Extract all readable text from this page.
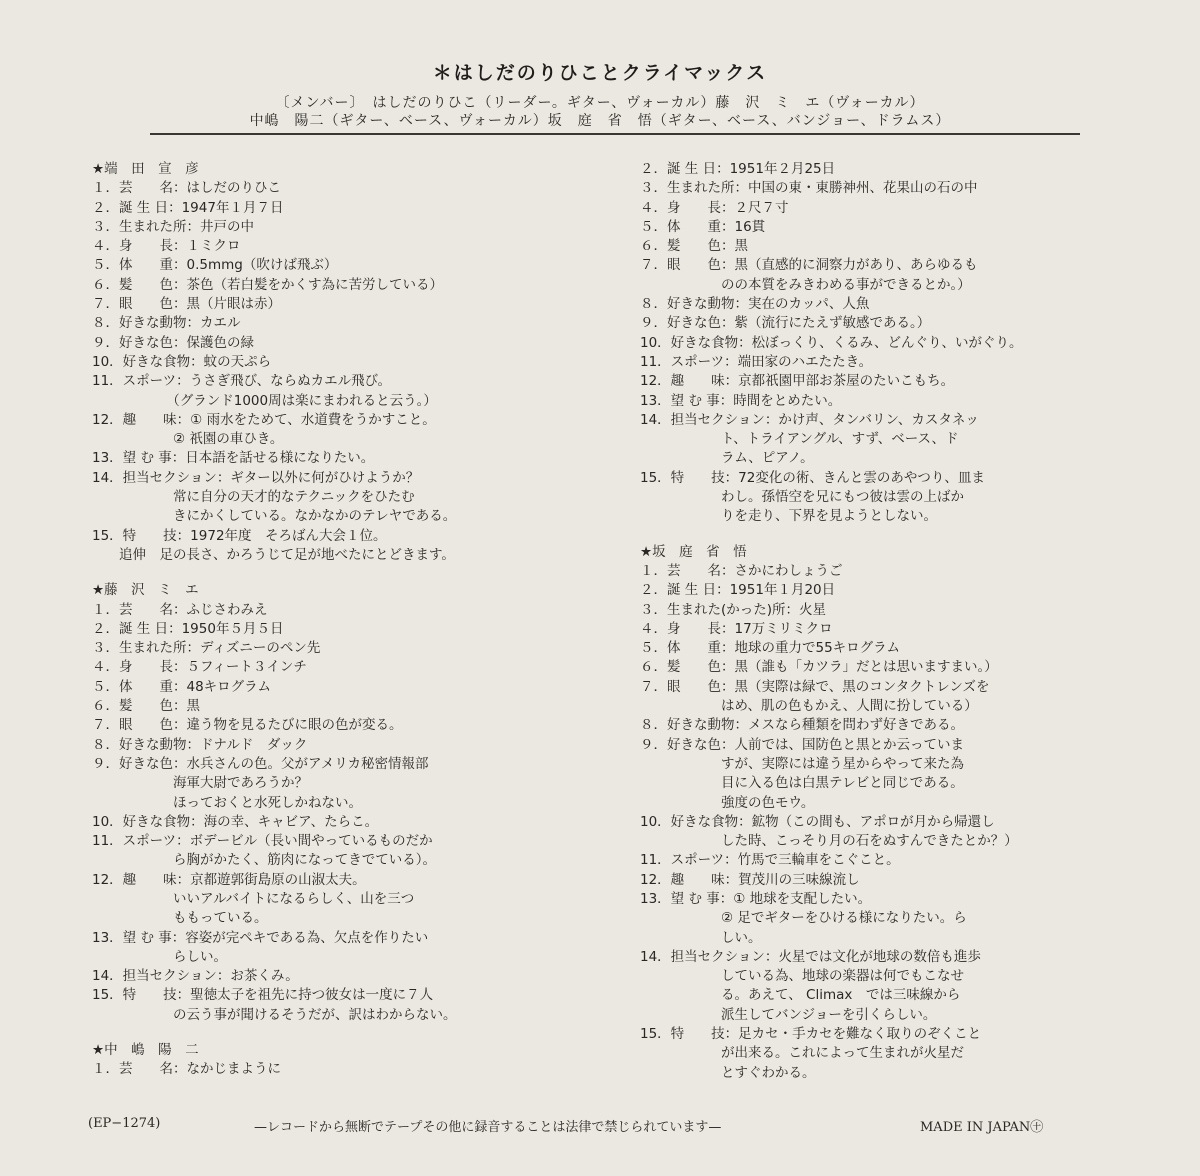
＊はしだのりひことクライマックス
〔メンバー〕　はしだのりひこ（リーダー。ギター、ヴォーカル）藤　沢　ミ　エ（ヴォーカル）
中嶋　陽二（ギター、ベース、ヴォーカル）坂　庭　省　悟（ギター、ベース、バンジョー、ドラムス）
★端　田　宣　彦
１．芸　　名：はしだのりひこ
２．誕 生 日：1947年１月７日
３．生まれた所：井戸の中
４．身　　長：１ミクロ
５．体　　重：0.5mmg（吹けば飛ぶ）
６．髪　　色：茶色（若白髪をかくす為に苦労している）
７．眼　　色：黒（片眼は赤）
８．好きな動物：カエル
９．好きな色：保護色の緑
10．好きな食物：蚊の天ぷら
11．スポーツ：うさぎ飛び、ならぬカエル飛び。
　　　　　　（グランド1000周は楽にまわれると云う。）
12．趣　　味：① 雨水をためて、水道費をうかすこと。
　　　　　　② 祇園の車ひき。
13．望 む 事：日本語を話せる様になりたい。
14．担当セクション：ギター以外に何がひけようか？
　　　　　　常に自分の天才的なテクニックをひたむ
　　　　　　きにかくしている。なかなかのテレヤである。
15．特　　技：1972年度　そろばん大会１位。
　　追伸　足の長さ、かろうじて足が地べたにとどきます。
★藤　沢　ミ　エ
１．芸　　名：ふじさわみえ
２．誕 生 日：1950年５月５日
３．生まれた所：ディズニーのペン先
４．身　　長：５フィート３インチ
５．体　　重：48キログラム
６．髪　　色：黒
７．眼　　色：違う物を見るたびに眼の色が変る。
８．好きな動物：ドナルド　ダック
９．好きな色：水兵さんの色。父がアメリカ秘密情報部
　　　　　　海軍大尉であろうか？
　　　　　　ほっておくと水死しかねない。
10．好きな食物：海の幸、キャビア、たらこ。
11．スポーツ：ボデービル（長い間やっているものだか
　　　　　　ら胸がかたく、筋肉になってきでている）。
12．趣　　味：京都遊郭街島原の山淑太夫。
　　　　　　いいアルバイトになるらしく、山を三つ
　　　　　　ももっている。
13．望 む 事：容姿が完ペキである為、欠点を作りたい
　　　　　　らしい。
14．担当セクション：お茶くみ。
15．特　　技：聖徳太子を祖先に持つ彼女は一度に７人
　　　　　　の云う事が聞けるそうだが、訳はわからない。
★中　嶋　陽　二
１．芸　　名：なかじまように
２．誕 生 日：1951年２月25日
３．生まれた所：中国の東・東勝神州、花果山の石の中
４．身　　長：２尺７寸
５．体　　重：16貫
６．髪　　色：黒
７．眼　　色：黒（直感的に洞察力があり、あらゆるも
　　　　　　のの本質をみきわめる事ができるとか。）
８．好きな動物：実在のカッパ、人魚
９．好きな色：紫（流行にたえず敏感である。）
10．好きな食物：松ぼっくり、くるみ、どんぐり、いがぐり。
11．スポーツ：端田家のハエたたき。
12．趣　　味：京都祇園甲部お茶屋のたいこもち。
13．望 む 事：時間をとめたい。
14．担当セクション：かけ声、タンバリン、カスタネッ
　　　　　　ト、トライアングル、すず、ベース、ド
　　　　　　ラム、ピアノ。
15．特　　技：72変化の術、きんと雲のあやつり、皿ま
　　　　　　わし。孫悟空を兄にもつ彼は雲の上ばか
　　　　　　りを走り、下界を見ようとしない。
★坂　庭　省　悟
１．芸　　名：さかにわしょうご
２．誕 生 日：1951年１月20日
３．生まれた(かった)所：火星
４．身　　長：17万ミリミクロ
５．体　　重：地球の重力で55キログラム
６．髪　　色：黒（誰も「カツラ」だとは思いますまい。）
７．眼　　色：黒（実際は緑で、黒のコンタクトレンズを
　　　　　　はめ、肌の色もかえ、人間に扮している）
８．好きな動物：メスなら種類を問わず好きである。
９．好きな色：人前では、国防色と黒とか云っていま
　　　　　　すが、実際には違う星からやって来た為
　　　　　　目に入る色は白黒テレビと同じである。
　　　　　　強度の色モウ。
10．好きな食物：鉱物（この間も、アポロが月から帰還し
　　　　　　した時、こっそり月の石をぬすんできたとか？）
11．スポーツ：竹馬で三輪車をこぐこと。
12．趣　　味：賀茂川の三味線流し
13．望 む 事：① 地球を支配したい。
　　　　　　② 足でギターをひける様になりたい。ら
　　　　　　しい。
14．担当セクション：火星では文化が地球の数倍も進歩
　　　　　　している為、地球の楽器は何でもこなせ
　　　　　　る。あえて、 Climax　では三味線から
　　　　　　派生してバンジョーを引くらしい。
15．特　　技：足カセ・手カセを難なく取りのぞくこと
　　　　　　が出来る。これによって生まれが火星だ
　　　　　　とすぐわかる。
(EP−1274)	—レコードから無断でテープその他に録音することは法律で禁じられています—	MADE IN JAPAN㊉
